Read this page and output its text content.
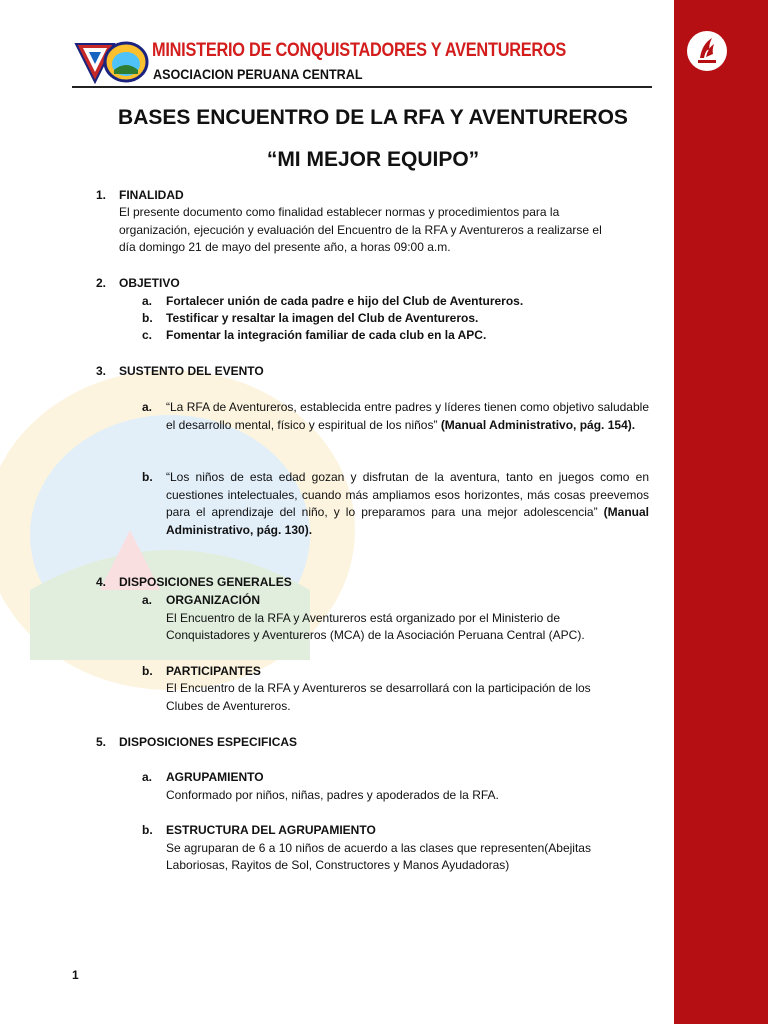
MINISTERIO DE CONQUISTADORES Y AVENTUREROS
ASOCIACION PERUANA CENTRAL
BASES ENCUENTRO DE LA RFA Y AVENTUREROS
“MI MEJOR EQUIPO”
1. FINALIDAD
El presente documento como finalidad establecer normas y procedimientos para la
organización, ejecución y evaluación del Encuentro de la RFA y Aventureros a realizarse el
día domingo 21 de mayo del presente año, a horas 09:00 a.m.
2. OBJETIVO
a. Fortalecer unión de cada padre e hijo del Club de Aventureros.
b. Testificar y resaltar la imagen del Club de Aventureros.
c. Fomentar la integración familiar de cada club en la APC.
3. SUSTENTO DEL EVENTO
a. “La RFA de Aventureros, establecida entre padres y líderes tienen como objetivo saludable el desarrollo mental, físico y espiritual de los niños” (Manual Administrativo, pág. 154).
b. “Los niños de esta edad gozan y disfrutan de la aventura, tanto en juegos como en cuestiones intelectuales, cuando más ampliamos esos horizontes, más cosas preevemos para el aprendizaje del niño, y lo preparamos para una mejor adolescencia” (Manual Administrativo, pág. 130).
4. DISPOSICIONES GENERALES
a. ORGANIZACIÓN
El Encuentro de la RFA y Aventureros está organizado por el Ministerio de
Conquistadores y Aventureros (MCA) de la Asociación Peruana Central (APC).
b. PARTICIPANTES
El Encuentro de la RFA y Aventureros se desarrollará con la participación de los
Clubes de Aventureros.
5. DISPOSICIONES ESPECIFICAS
a. AGRUPAMIENTO
Conformado por niños, niñas, padres y apoderados de la RFA.
b. ESTRUCTURA DEL AGRUPAMIENTO
Se agruparan de 6 a 10 niños de acuerdo a las clases que representen(Abejitas
Laboriosas, Rayitos de Sol, Constructores y Manos Ayudadoras)
1
